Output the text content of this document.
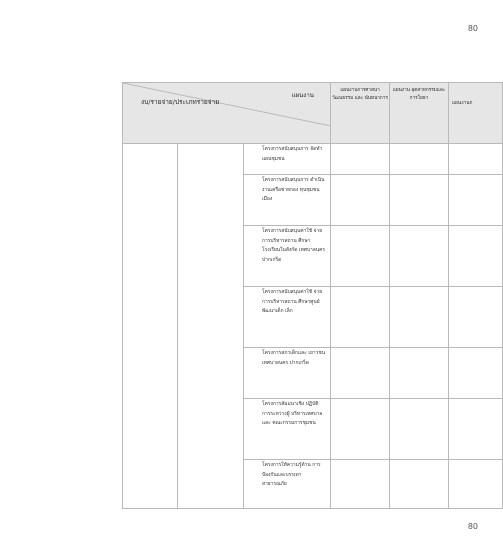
80
แผนงาน
งบ/รายจ่าย/ประเภทรายจ่าย			แผนงานการศาสนา วัฒนธรรม และ นันทนาการ	แผนงาน อุตสาหกรรมและ การโยธา	แผนงานก
		โครงการสนับสนุนการ จัดทำแผนชุมชน			
		โครงการสนับสนุนการ ดำเนินงานเครือข่ายกอง ทุนชุมชนเมือง			
		โครงการสนับสนุนค่าใช้ จ่ายการบริหารสถาน ศึกษาโรงเรียนในสังกัด เทศบาลนครปากเกร็ด			
		โครงการสนับสนุนค่าใช้ จ่ายการบริหารสถาน ศึกษาศูนย์พัฒนาเด็ก เล็ก			
		โครงการสภาเด็กและ เยาวชนเทศบาลนคร ปากเกร็ด			
		โครงการสัมมนาเชิง ปฏิบัติการระหว่างผู้ บริหารเทศบาลและ คณะกรรมการชุมชน			
		โครงการให้ความรู้ด้าน การป้องกันและบรรเทา สาธารณภัย			
80
